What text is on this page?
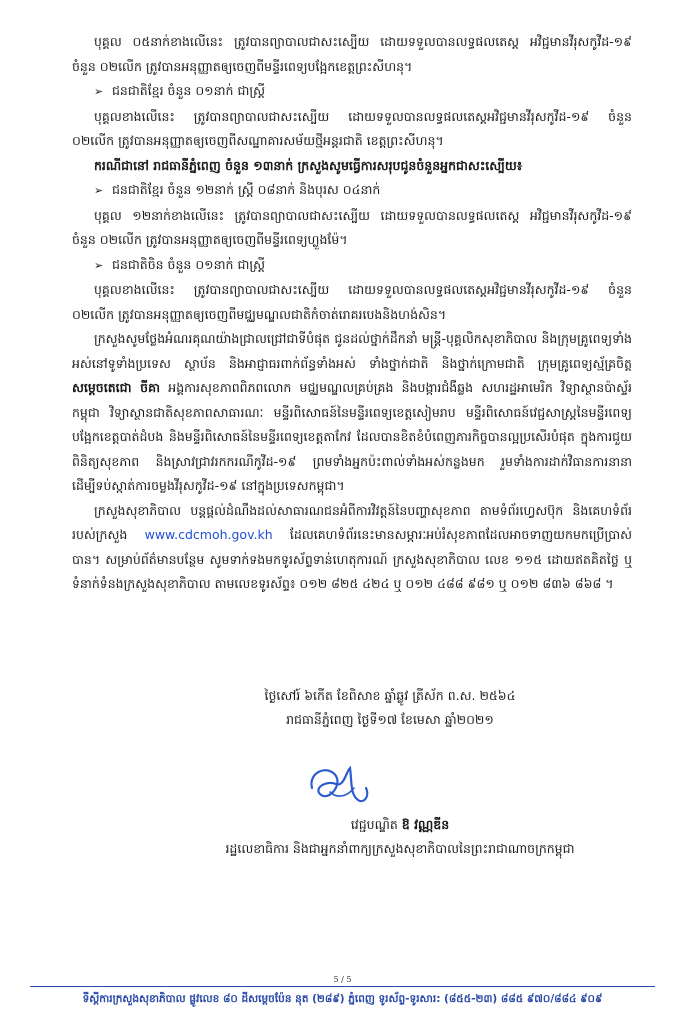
បុគ្គល ០៥នាក់ខាងលើនេះ ត្រូវបានព្យាបាលជាសះស្បើយ ដោយទទួលបានលទ្ធផលតេស្ត អវិជ្ជមានវីរុសកូវីដ-១៩ ចំនួន ០២លើក ត្រូវបានអនុញ្ញាតឲ្យចេញពីមន្ទីរពេទ្យបង្អែកខេត្តព្រះសីហនុ។

➢ ជនជាតិខ្មែរ ចំនួន ០១នាក់ ជាស្ត្រី

បុគ្គលខាងលើនេះ ត្រូវបានព្យាបាលជាសះស្បើយ ដោយទទួលបានលទ្ធផលតេស្តអវិជ្ជមានវីរុសកូវីដ-១៩ ចំនួន ០២លើក ត្រូវបានអនុញ្ញាតឲ្យចេញពីសណ្ឋាគារសម័យថ្មីអន្តរជាតិ ខេត្តព្រះសីហនុ។

ករណីជានៅ រាជធានីភ្នំពេញ ចំនួន ១៣នាក់ ក្រសួងសូមធ្វើការសរុបជូនចំនួនអ្នកជាសះស្បើយ៖

➢ ជនជាតិខ្មែរ ចំនួន ១២នាក់ ស្ត្រី ០៨នាក់ និងបុរស ០៤នាក់

បុគ្គល ១២នាក់ខាងលើនេះ ត្រូវបានព្យាបាលជាសះស្បើយ ដោយទទួលបានលទ្ធផលតេស្ត អវិជ្ជមានវីរុសកូវីដ-១៩ ចំនួន ០២លើក ត្រូវបានអនុញ្ញាតឲ្យចេញពីមន្ទីរពេទ្យហ្លួងម៉ែ។

➢ ជនជាតិចិន ចំនួន ០១នាក់ ជាស្ត្រី

បុគ្គលខាងលើនេះ ត្រូវបានព្យាបាលជាសះស្បើយ ដោយទទួលបានលទ្ធផលតេស្តអវិជ្ជមានវីរុសកូវីដ-១៩ ចំនួន ០២លើក ត្រូវបានអនុញ្ញាតឲ្យចេញពីមជ្ឈមណ្ឌលជាតិកំចាត់រោគរបេងនិងហង់សិន។

ក្រសួងសូមថ្លែងអំណរគុណយ៉ាងជ្រាលជ្រៅជាទីបំផុត ជូនដល់ថ្នាក់ដឹកនាំ មន្ត្រី-បុគ្គលិកសុខាភិបាល និងក្រុមគ្រូពេទ្យទាំងអស់នៅទូទាំងប្រទេស ស្ថាប័ន និងអាជ្ញាធរពាក់ព័ន្ធទាំងអស់ ទាំងថ្នាក់ជាតិ និងថ្នាក់ក្រោមជាតិ ក្រុមគ្រូពេទ្យស្ម័គ្រចិត្ត សម្ដេចតេជោ ចីគា អង្គការសុខភាពពិភពលោក មជ្ឈមណ្ឌលគ្រប់គ្រង និងបង្ការជំងឺឆ្លង សហរដ្ឋអាមេរិក វិទ្យាស្ថានប៉ាស្ទ័រកម្ពុជា វិទ្យាស្ថានជាតិសុខភាពសាធារណៈ មន្ទីរពិសោធន៍នៃមន្ទីរពេទ្យខេត្តសៀមរាប មន្ទីរពិសោធន៍វេជ្ជសាស្ត្រនៃមន្ទីរពេទ្យបង្អែកខេត្តបាត់ដំបង និងមន្ទីរពិសោធន៍នៃមន្ទីរពេទ្យខេត្តតាកែវ ដែលបានខិតខំបំពេញភារកិច្ចបានល្អប្រសើរបំផុត ក្នុងការជួយពិនិត្យសុខភាព និងស្រាវជ្រាវរកករណីកូវីដ-១៩ ព្រមទាំងអ្នកប៉ះពាល់ទាំងអស់កន្លងមក រួមទាំងការដាក់វិធានការនានា ដើម្បីទប់ស្កាត់ការចម្លងវីរុសកូវីដ-១៩ នៅក្នុងប្រទេសកម្ពុជា។

ក្រសួងសុខាភិបាល បន្តផ្ដល់ដំណឹងដល់សាធារណជនអំពីការវិវត្តន៍នៃបញ្ហាសុខភាព តាមទំព័រហ្វេសប៊ុក និងគេហទំព័ររបស់ក្រសួង www.cdcmoh.gov.kh ដែលគេហទំព័រនេះមានសម្ភារៈអប់រំសុខភាពដែលអាចទាញយកមកប្រើប្រាស់បាន។ សម្រាប់ព័ត៌មានបន្ថែម សូមទាក់ទងមកទូរស័ព្ទទាន់ហេតុការណ៍ ក្រសួងសុខាភិបាល លេខ ១១៥ ដោយឥតគិតថ្លៃ ឬទំនាក់ទំនងក្រសួងសុខាភិបាល តាមលេខទូរស័ព្ទ៖ ០១២ ៨២៥ ៤២៤ ឬ ០១២ ៤៨៨ ៩៨១ ឬ ០១២ ៨៣៦ ៨៦៨ ។

ថ្ងៃសៅរ៍ ៦កើត ខែពិសាខ ឆ្នាំឆ្លូវ ត្រីស័ក ព.ស. ២៥៦៤
រាជធានីភ្នំពេញ ថ្ងៃទី១៧ ខែមេសា ឆ្នាំ២០២១
វេជ្ជបណ្ឌិត ឱ វណ្ណឌីន
រដ្ឋលេខាធិការ និងជាអ្នកនាំពាក្យក្រសួងសុខាភិបាលនៃព្រះរាជាណាចក្រកម្ពុជា
5 / 5
ទីស្តីការក្រសួងសុខាភិបាល ផ្លូវលេខ ៨០ ដីសម្តេចប៉ែន នុត (២៨៩) ភ្នំពេញ ទូរស័ព្ទ-ទូរសារ: (៨៥៥-២៣) ៨៨៥ ៩៧០/៨៨៤ ៩០៩
